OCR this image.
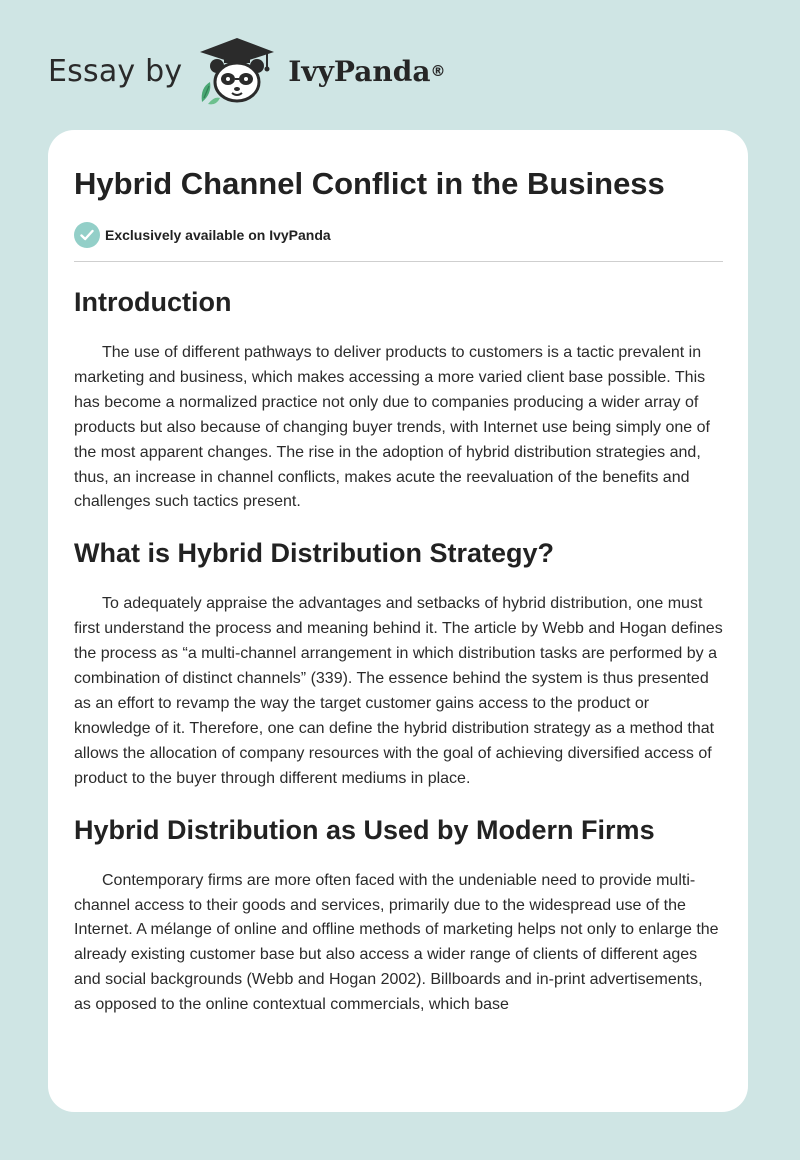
Essay by	IvyPanda ®
Hybrid Channel Conflict in the Business
Exclusively available on IvyPanda
Introduction

The use of different pathways to deliver products to customers is a tactic prevalent in marketing and business, which makes accessing a more varied client base possible. This has become a normalized practice not only due to companies producing a wider array of products but also because of changing buyer trends, with Internet use being simply one of the most apparent changes. The rise in the adoption of hybrid distribution strategies and, thus, an increase in channel conflicts, makes acute the reevaluation of the benefits and challenges such tactics present.

What is Hybrid Distribution Strategy?

To adequately appraise the advantages and setbacks of hybrid distribution, one must first understand the process and meaning behind it. The article by Webb and Hogan defines the process as “a multi-channel arrangement in which distribution tasks are performed by a combination of distinct channels” (339). The essence behind the system is thus presented as an effort to revamp the way the target customer gains access to the product or knowledge of it. Therefore, one can define the hybrid distribution strategy as a method that allows the allocation of company resources with the goal of achieving diversified access of product to the buyer through different mediums in place.

Hybrid Distribution as Used by Modern Firms

Contemporary firms are more often faced with the undeniable need to provide multi-channel access to their goods and services, primarily due to the widespread use of the Internet. A mélange of online and offline methods of marketing helps not only to enlarge the already existing customer base but also access a wider range of clients of different ages and social backgrounds (Webb and Hogan 2002). Billboards and in-print advertisements, as opposed to the online contextual commercials, which base
